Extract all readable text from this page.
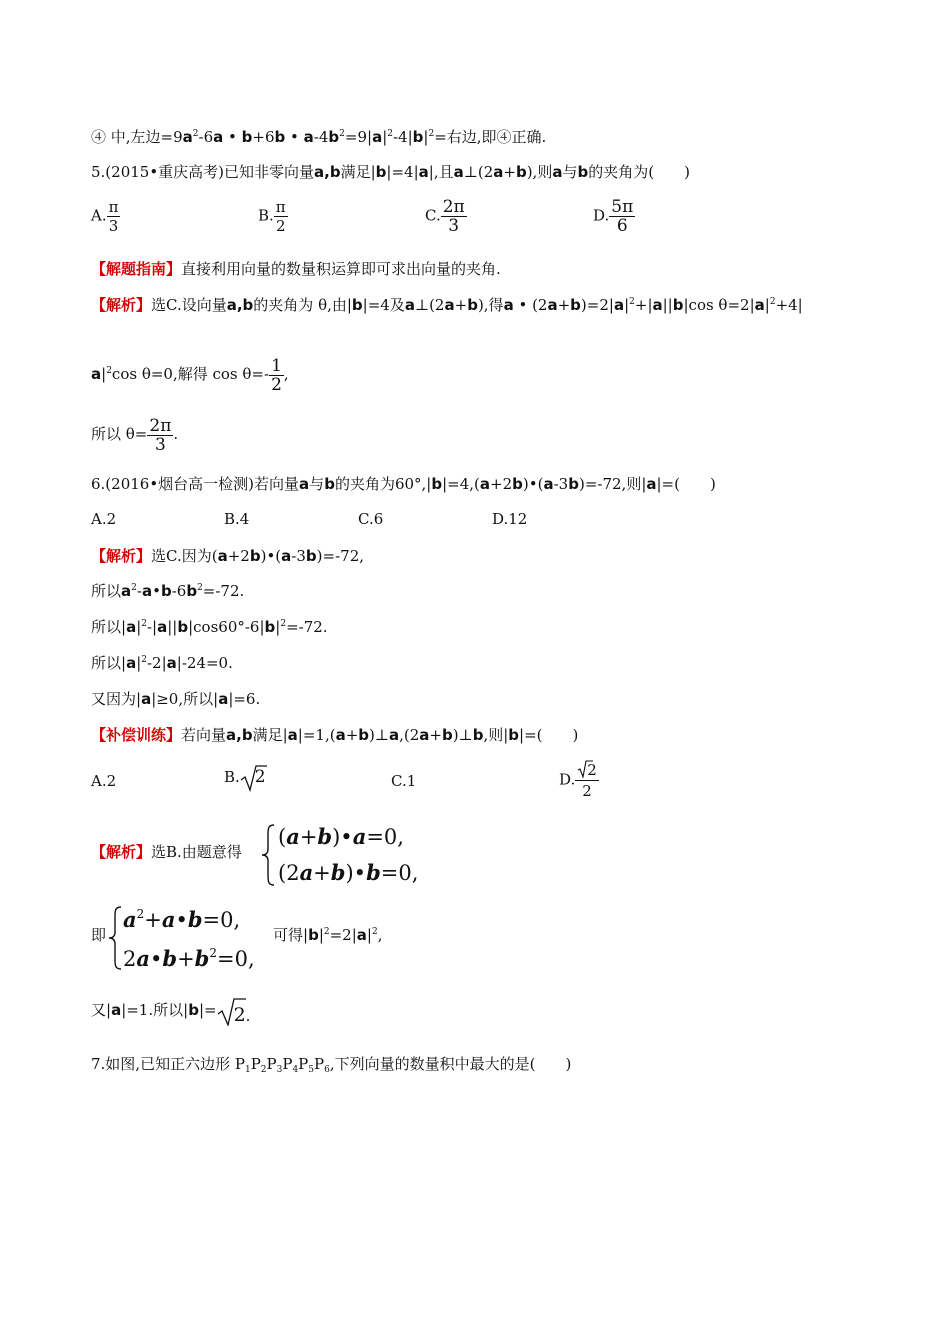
④ 中,左边$=9a^2-6a$ • b+6b • $a-4b^2=9|a|^2-4|b|^2=$右边,即④正确.
5.(2015•重庆高考)已知非零向量a,b满足|b|=4|a|,且a⊥(2a+b),则a与b的夹角为(　　)
A. $\frac{\pi}{3}$	B. $\frac{\pi}{2}$	C. $\frac{2\pi}{3}$	D. $\frac{5\pi}{6}$
【解题指南】直接利用向量的数量积运算即可求出向量的夹角.
【解析】选C.设向量a,b的夹角为 θ,由|b|=4及a⊥(2a+b),得a • $(2a+b)=2|a|^2+|a||b|\cos$ $\theta=2|a|^2+4|$
$a|^2\cos$ θ=0,解得 $\cos \theta=- \frac{1}{2}$ ,
所以 $\theta= \frac{2\pi}{3}$ .
6.(2016•烟台高一检测)若向量a与b的夹角为60°,|b|=4,(a+2b)•(a-3b)=-72,则|a|=(　　)
A.2	B.4	C.6	D.12
【解析】选C.因为(a+2b)•(a-3b)=-72,
所以$a^2-a•b-6b^2=-72$.
所以$|a|^2-|a||b|\cos 60^\circ-6|b|^2=-72$.
所以$|a|^2-2|a|-24=0$.
又因为|a|≥0,所以|a|=6.
【补偿训练】若向量a,b满足|a|=1,(a+b)⊥a,(2a+b)⊥b,则|b|=(　　)
A.2	B. 2	C.1	D. $\frac{2}{2}$
【解析】选B.由题意得
(a+b)•a=0,
(2a+b)•b=0,
即
$a^2+a•b=0$,
可得$|b|^2=2|a|^2$,
$2a•b+b^2=0$,
又|a|=1.所以|b|= 2.
7.如图,已知正六边形 $P_1P_2P_3P_4P_5P_6$,下列向量的数量积中最大的是(　　)
